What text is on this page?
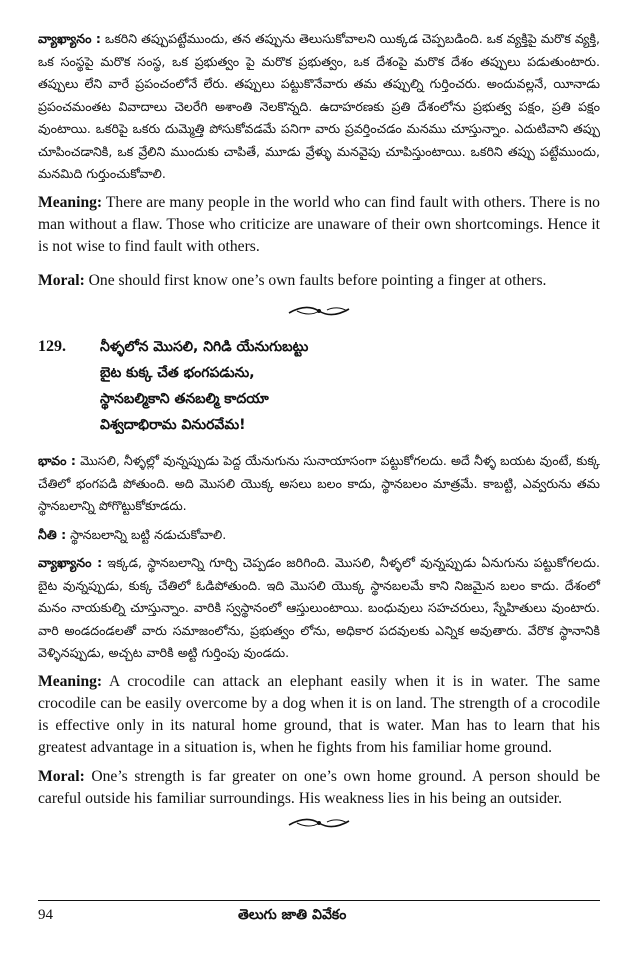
వ్యాఖ్యానం : ఒకరిని తప్పుపట్టేముందు, తన తప్పును తెలుసుకోవాలని యిక్కడ చెప్పబడింది. ఒక వ్యక్తిపై మరొక వ్యక్తి, ఒక సంస్థపై మరొక సంస్థ, ఒక ప్రభుత్వం పై మరొక ప్రభుత్వం, ఒక దేశంపై మరొక దేశం తప్పులు పడుతుంటారు. తప్పులు లేని వారే ప్రపంచంలోనే లేరు. తప్పులు పట్టుకొనేవారు తమ తప్పుల్ని గుర్తించరు. అందువల్లనే, యీనాడు ప్రపంచమంతట వివాదాలు చెలరేగి అశాంతి నెలకొన్నది. ఉదాహరణకు ప్రతి దేశంలోను ప్రభుత్వ పక్షం, ప్రతి పక్షం వుంటాయి. ఒకరిపై ఒకరు దుమ్మెత్తి పోసుకోవడమే పనిగా వారు ప్రవర్తించడం మనము చూస్తున్నాం. ఎదుటివాని తప్పు చూపించడానికి, ఒక వ్రేలిని ముందుకు చాపితే, మూడు వ్రేళ్ళు మనవైపు చూపిస్తుంటాయి. ఒకరిని తప్పు పట్టేముందు, మనమిది గుర్తుంచుకోవాలి.

Meaning: There are many people in the world who can find fault with others. There is no man without a flaw. Those who criticize are unaware of their own shortcomings. Hence it is not wise to find fault with others.

Moral: One should first know one’s own faults before pointing a finger at others.

129.	నీళ్ళలోన మొసలి, నిగిడి యేనుగుబట్టు

బైట కుక్క చేత భంగపడును,

స్థానబల్మికాని తనబల్మి కాదయా

విశ్వదాభిరామ వినురవేమ!

భావం : మొసలి, నీళ్ళల్లో వున్నప్పుడు పెద్ద యేనుగును సునాయాసంగా పట్టుకోగలదు. అదే నీళ్ళ బయట వుంటే, కుక్క చేతిలో భంగపడి పోతుంది. అది మొసలి యొక్క అసలు బలం కాదు, స్థానబలం మాత్రమే. కాబట్టి, ఎవ్వరును తమ స్థానబలాన్ని పోగొట్టుకోకూడదు.

నీతి : స్థానబలాన్ని బట్టి నడుచుకోవాలి.

వ్యాఖ్యానం : ఇక్కడ, స్థానబలాన్ని గూర్చి చెప్పడం జరిగింది. మొసలి, నీళ్ళలో వున్నప్పుడు ఏనుగును పట్టుకోగలదు. బైట వున్నప్పుడు, కుక్క చేతిలో ఓడిపోతుంది. ఇది మొసలి యొక్క స్థానబలమే కాని నిజమైన బలం కాదు. దేశంలో మనం నాయకుల్ని చూస్తున్నాం. వారికి స్వస్థానంలో ఆస్తులుంటాయి. బంధువులు సహచరులు, స్నేహితులు వుంటారు. వారి అండదండలతో వారు సమాజంలోను, ప్రభుత్వం లోను, అధికార పదవులకు ఎన్నిక అవుతారు. వేరొక స్థానానికి వెళ్ళినప్పుడు, అచ్చట వారికి అట్టి గుర్తింపు వుండదు.

Meaning: A crocodile can attack an elephant easily when it is in water. The same crocodile can be easily overcome by a dog when it is on land. The strength of a crocodile is effective only in its natural home ground, that is water. Man has to learn that his greatest advantage in a situation is, when he fights from his familiar home ground.

Moral: One’s strength is far greater on one’s own home ground. A person should be careful outside his familiar surroundings. His weakness lies in his being an outsider.

94	తెలుగు జాతి వివేకం
